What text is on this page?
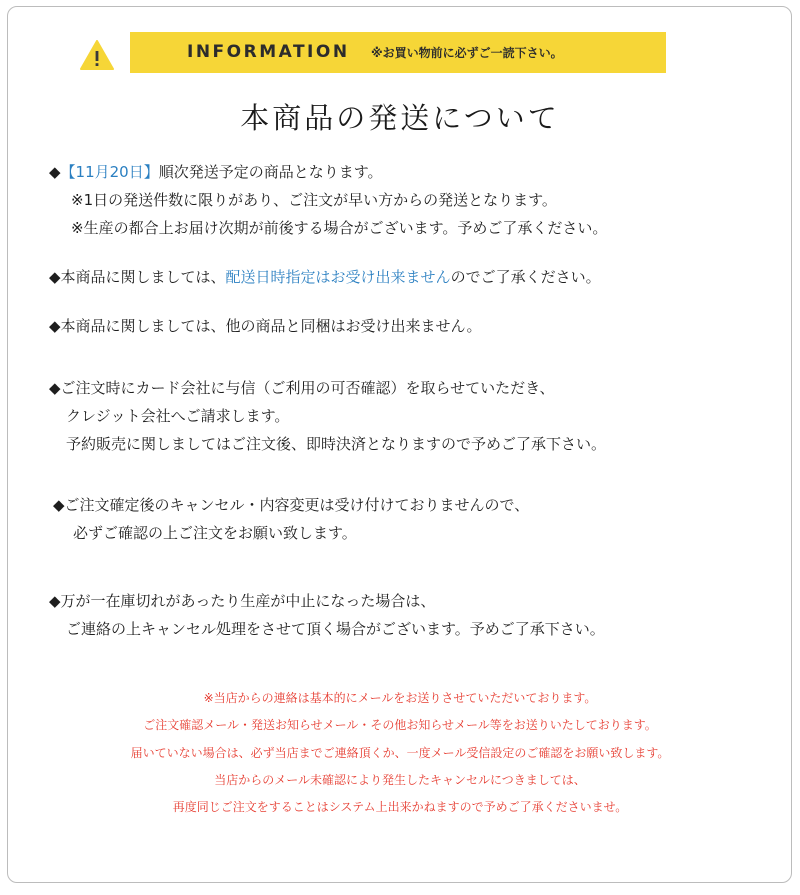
INFORMATION ※お買い物前に必ずご一読下さい。
本商品の発送について
◆【11月20日】順次発送予定の商品となります。
※1日の発送件数に限りがあり、ご注文が早い方からの発送となります。
※生産の都合上お届け次期が前後する場合がございます。予めご了承ください。
◆本商品に関しましては、配送日時指定はお受け出来ませんのでご了承ください。
◆本商品に関しましては、他の商品と同梱はお受け出来ません。
◆ご注文時にカード会社に与信（ご利用の可否確認）を取らせていただき、
クレジット会社へご請求します。
予約販売に関しましてはご注文後、即時決済となりますので予めご了承下さい。
◆ご注文確定後のキャンセル・内容変更は受け付けておりませんので、
必ずご確認の上ご注文をお願い致します。
◆万が一在庫切れがあったり生産が中止になった場合は、
ご連絡の上キャンセル処理をさせて頂く場合がございます。予めご了承下さい。
※当店からの連絡は基本的にメールをお送りさせていただいております。
ご注文確認メール・発送お知らせメール・その他お知らせメール等をお送りいたしております。
届いていない場合は、必ず当店までご連絡頂くか、一度メール受信設定のご確認をお願い致します。
当店からのメール未確認により発生したキャンセルにつきましては、
再度同じご注文をすることはシステム上出来かねますので予めご了承くださいませ。
